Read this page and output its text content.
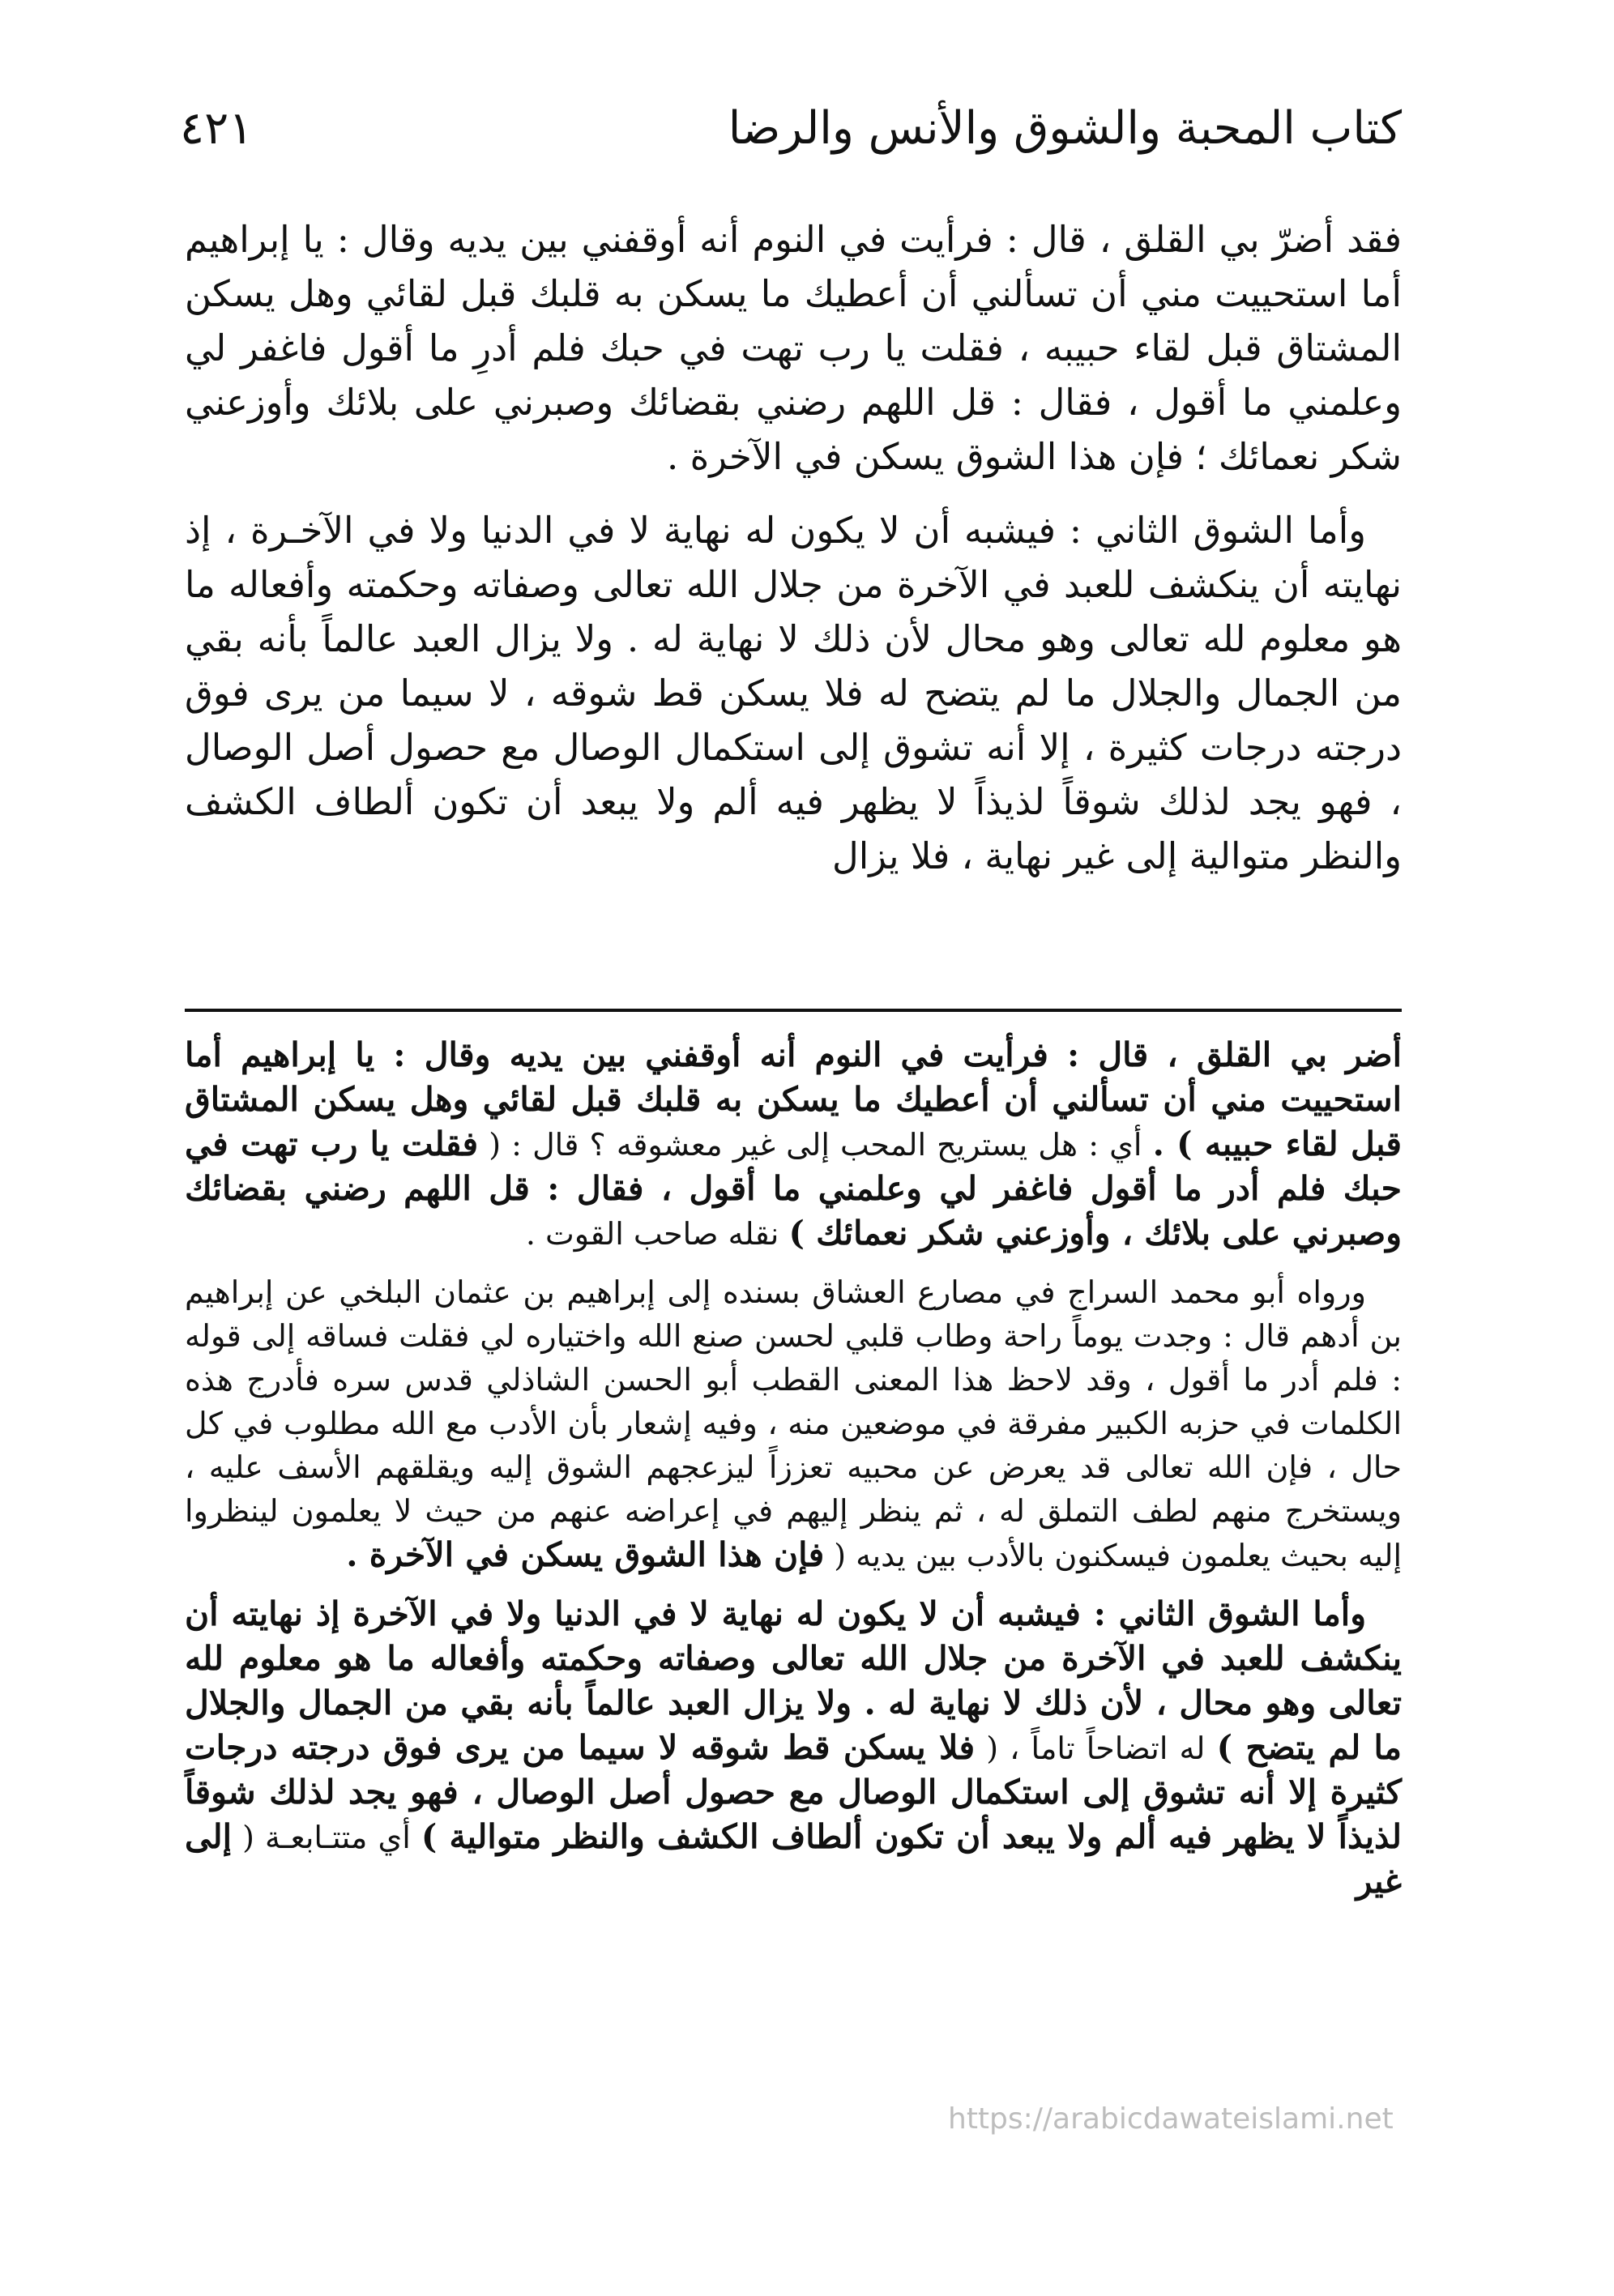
كتاب المحبة والشوق والأنس والرضا
٤٢١

فقد أضرّ بي القلق ، قال : فرأيت في النوم أنه أوقفني بين يديه وقال : يا إبراهيم أما استحييت مني أن تسألني أن أعطيك ما يسكن به قلبك قبل لقائي وهل يسكن المشتاق قبل لقاء حبيبه ، فقلت يا رب تهت في حبك فلم أدرِ ما أقول فاغفر لي وعلمني ما أقول ، فقال : قل اللهم رضني بقضائك وصبرني على بلائك وأوزعني شكر نعمائك ؛ فإن هذا الشوق يسكن في الآخرة .

وأما الشوق الثاني : فيشبه أن لا يكون له نهاية لا في الدنيا ولا في الآخـرة ، إذ نهايته أن ينكشف للعبد في الآخرة من جلال الله تعالى وصفاته وحكمته وأفعاله ما هو معلوم لله تعالى وهو محال لأن ذلك لا نهاية له . ولا يزال العبد عالماً بأنه بقي من الجمال والجلال ما لم يتضح له فلا يسكن قط شوقه ، لا سيما من يرى فوق درجته درجات كثيرة ، إلا أنه تشوق إلى استكمال الوصال مع حصول أصل الوصال ، فهو يجد لذلك شوقاً لذيذاً لا يظهر فيه ألم ولا يبعد أن تكون ألطاف الكشف والنظر متوالية إلى غير نهاية ، فلا يزال

أضر بي القلق ، قال : فرأيت في النوم أنه أوقفني بين يديه وقال : يا إبراهيم أما استحييت مني أن تسألني أن أعطيك ما يسكن به قلبك قبل لقائي وهل يسكن المشتاق قبل لقاء حبيبه ) . أي : هل يستريح المحب إلى غير معشوقه ؟ قال : ( فقلت يا رب تهت في حبك فلم أدر ما أقول فاغفر لي وعلمني ما أقول ، فقال : قل اللهم رضني بقضائك وصبرني على بلائك ، وأوزعني شكر نعمائك ) نقله صاحب القوت .

ورواه أبو محمد السراج في مصارع العشاق بسنده إلى إبراهيم بن عثمان البلخي عن إبراهيم بن أدهم قال : وجدت يوماً راحة وطاب قلبي لحسن صنع الله واختياره لي فقلت فساقه إلى قوله : فلم أدر ما أقول ، وقد لاحظ هذا المعنى القطب أبو الحسن الشاذلي قدس سره فأدرج هذه الكلمات في حزبه الكبير مفرقة في موضعين منه ، وفيه إشعار بأن الأدب مع الله مطلوب في كل حال ، فإن الله تعالى قد يعرض عن محبيه تعززاً ليزعجهم الشوق إليه ويقلقهم الأسف عليه ، ويستخرج منهم لطف التملق له ، ثم ينظر إليهم في إعراضه عنهم من حيث لا يعلمون لينظروا إليه بحيث يعلمون فيسكنون بالأدب بين يديه ( فإن هذا الشوق يسكن في الآخرة .

وأما الشوق الثاني : فيشبه أن لا يكون له نهاية لا في الدنيا ولا في الآخرة إذ نهايته أن ينكشف للعبد في الآخرة من جلال الله تعالى وصفاته وحكمته وأفعاله ما هو معلوم لله تعالى وهو محال ، لأن ذلك لا نهاية له . ولا يزال العبد عالماً بأنه بقي من الجمال والجلال ما لم يتضح ) له اتضاحاً تاماً ، ( فلا يسكن قط شوقه لا سيما من يرى فوق درجته درجات كثيرة إلا أنه تشوق إلى استكمال الوصال مع حصول أصل الوصال ، فهو يجد لذلك شوقاً لذيذاً لا يظهر فيه ألم ولا يبعد أن تكون ألطاف الكشف والنظر متوالية ) أي متتـابعـة ( إلى غير

https://arabicdawateislami.net
